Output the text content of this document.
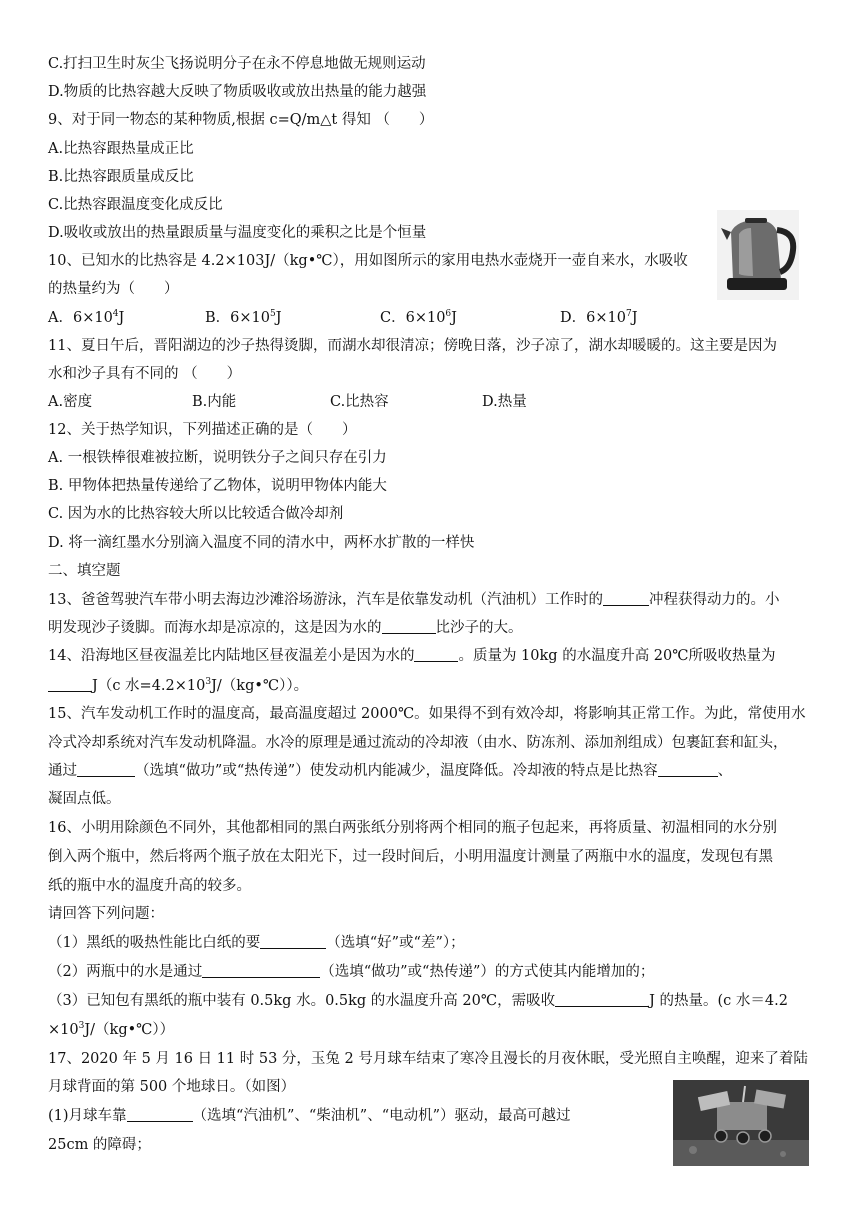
C.打扫卫生时灰尘飞扬说明分子在永不停息地做无规则运动
D.物质的比热容越大反映了物质吸收或放出热量的能力越强
9、对于同一物态的某种物质,根据 c=Q/m△t 得知 （　　）
A.比热容跟热量成正比
B.比热容跟质量成反比
C.比热容跟温度变化成反比
D.吸收或放出的热量跟质量与温度变化的乘积之比是个恒量
10、已知水的比热容是 4.2×103J/（kg•℃），用如图所示的家用电热水壶烧开一壶自来水，水吸收
的热量约为（　　）
A．$6\times 10^4J$	B．$6\times 10^5J$	C．$6\times 10^6J$	D．$6\times 10^7J$
11、夏日午后，晋阳湖边的沙子热得烫脚，而湖水却很清凉；傍晚日落，沙子凉了，湖水却暖暖的。这主要是因为
水和沙子具有不同的 （　　）
A.密度	B.内能	C.比热容	D.热量
12、关于热学知识，下列描述正确的是（　　）
A. 一根铁棒很难被拉断，说明铁分子之间只存在引力
B. 甲物体把热量传递给了乙物体，说明甲物体内能大
C. 因为水的比热容较大所以比较适合做冷却剂
D. 将一滴红墨水分别滴入温度不同的清水中，两杯水扩散的一样快
二、填空题
13、爸爸驾驶汽车带小明去海边沙滩浴场游泳，汽车是依靠发动机（汽油机）工作时的	冲程获得动力的。小
明发现沙子烫脚。而海水却是凉凉的，这是因为水的	比沙子的大。
14、沿海地区昼夜温差比内陆地区昼夜温差小是因为水的	。质量为 10kg 的水温度升高 20℃所吸收热量为
J（c 水$=4.2\times 10^3J/(kg•℃)$）。
15、汽车发动机工作时的温度高，最高温度超过 2000℃。如果得不到有效冷却，将影响其正常工作。为此，常使用水
冷式冷却系统对汽车发动机降温。水冷的原理是通过流动的冷却液（由水、防冻剂、添加剂组成）包裹缸套和缸头，
通过	（选填“做功”或“热传递”）使发动机内能减少，温度降低。冷却液的特点是比热容	、
凝固点低。
16、小明用除颜色不同外，其他都相同的黑白两张纸分别将两个相同的瓶子包起来，再将质量、初温相同的水分别
倒入两个瓶中，然后将两个瓶子放在太阳光下，过一段时间后，小明用温度计测量了两瓶中水的温度，发现包有黑
纸的瓶中水的温度升高的较多。
请回答下列问题：
（1）黑纸的吸热性能比白纸的要	（选填“好”或“差”）；
（2）两瓶中的水是通过	（选填“做功”或“热传递”）的方式使其内能增加的；
（3）已知包有黑纸的瓶中装有 0.5kg 水。0.5kg 的水温度升高 20℃，需吸收	J 的热量。(c 水＝4.2
$\times 10^3J/(kg•℃)$）
17、2020 年 5 月 16 日 11 时 53 分，玉兔 2 号月球车结束了寒冷且漫长的月夜休眠，受光照自主唤醒，迎来了着陆
月球背面的第 500 个地球日。（如图）
(1)月球车靠	（选填“汽油机”、“柴油机”、“电动机”）驱动，最高可越过
25cm 的障碍；
